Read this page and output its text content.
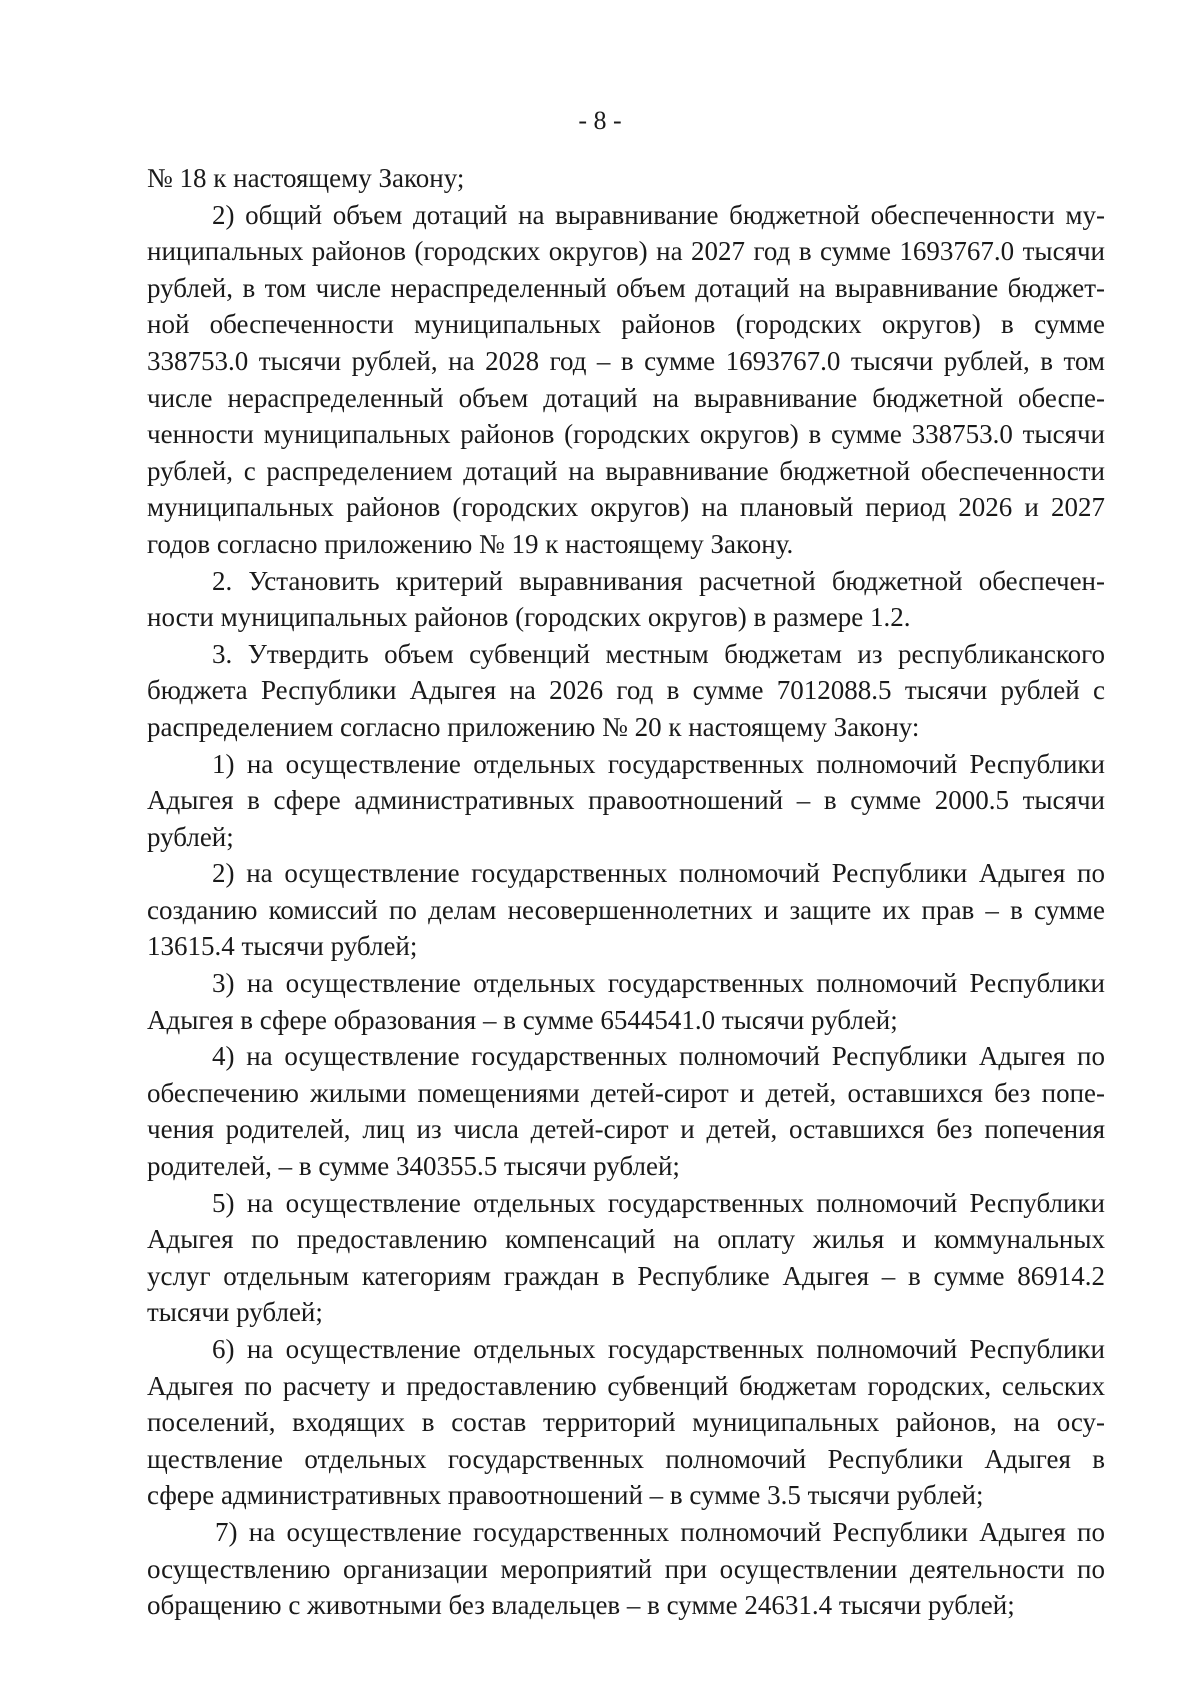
- 8 -

№ 18 к настоящему Закону;
2) общий объем дотаций на выравнивание бюджетной обеспеченности му-
ниципальных районов (городских округов) на 2027 год в сумме 1693767.0 тысячи
рублей, в том числе нераспределенный объем дотаций на выравнивание бюджет-
ной обеспеченности муниципальных районов (городских округов) в сумме
338753.0 тысячи рублей, на 2028 год – в сумме 1693767.0 тысячи рублей, в том
числе нераспределенный объем дотаций на выравнивание бюджетной обеспе-
ченности муниципальных районов (городских округов) в сумме 338753.0 тысячи
рублей, с распределением дотаций на выравнивание бюджетной обеспеченности
муниципальных районов (городских округов) на плановый период 2026 и 2027
годов согласно приложению № 19 к настоящему Закону.
2. Установить критерий выравнивания расчетной бюджетной обеспечен-
ности муниципальных районов (городских округов) в размере 1.2.
3. Утвердить объем субвенций местным бюджетам из республиканского
бюджета Республики Адыгея на 2026 год в сумме 7012088.5 тысячи рублей с
распределением согласно приложению № 20 к настоящему Закону:
1) на осуществление отдельных государственных полномочий Республики
Адыгея в сфере административных правоотношений – в сумме 2000.5 тысячи
рублей;
2) на осуществление государственных полномочий Республики Адыгея по
созданию комиссий по делам несовершеннолетних и защите их прав – в сумме
13615.4 тысячи рублей;
3) на осуществление отдельных государственных полномочий Республики
Адыгея в сфере образования – в сумме 6544541.0 тысячи рублей;
4) на осуществление государственных полномочий Республики Адыгея по
обеспечению жилыми помещениями детей-сирот и детей, оставшихся без попе-
чения родителей, лиц из числа детей-сирот и детей, оставшихся без попечения
родителей, – в сумме 340355.5 тысячи рублей;
5) на осуществление отдельных государственных полномочий Республики
Адыгея по предоставлению компенсаций на оплату жилья и коммунальных
услуг отдельным категориям граждан в Республике Адыгея – в сумме 86914.2
тысячи рублей;
6) на осуществление отдельных государственных полномочий Республики
Адыгея по расчету и предоставлению субвенций бюджетам городских, сельских
поселений, входящих в состав территорий муниципальных районов, на осу-
ществление отдельных государственных полномочий Республики Адыгея в
сфере административных правоотношений – в сумме 3.5 тысячи рублей;
7) на осуществление государственных полномочий Республики Адыгея по
осуществлению организации мероприятий при осуществлении деятельности по
обращению с животными без владельцев – в сумме 24631.4 тысячи рублей;
